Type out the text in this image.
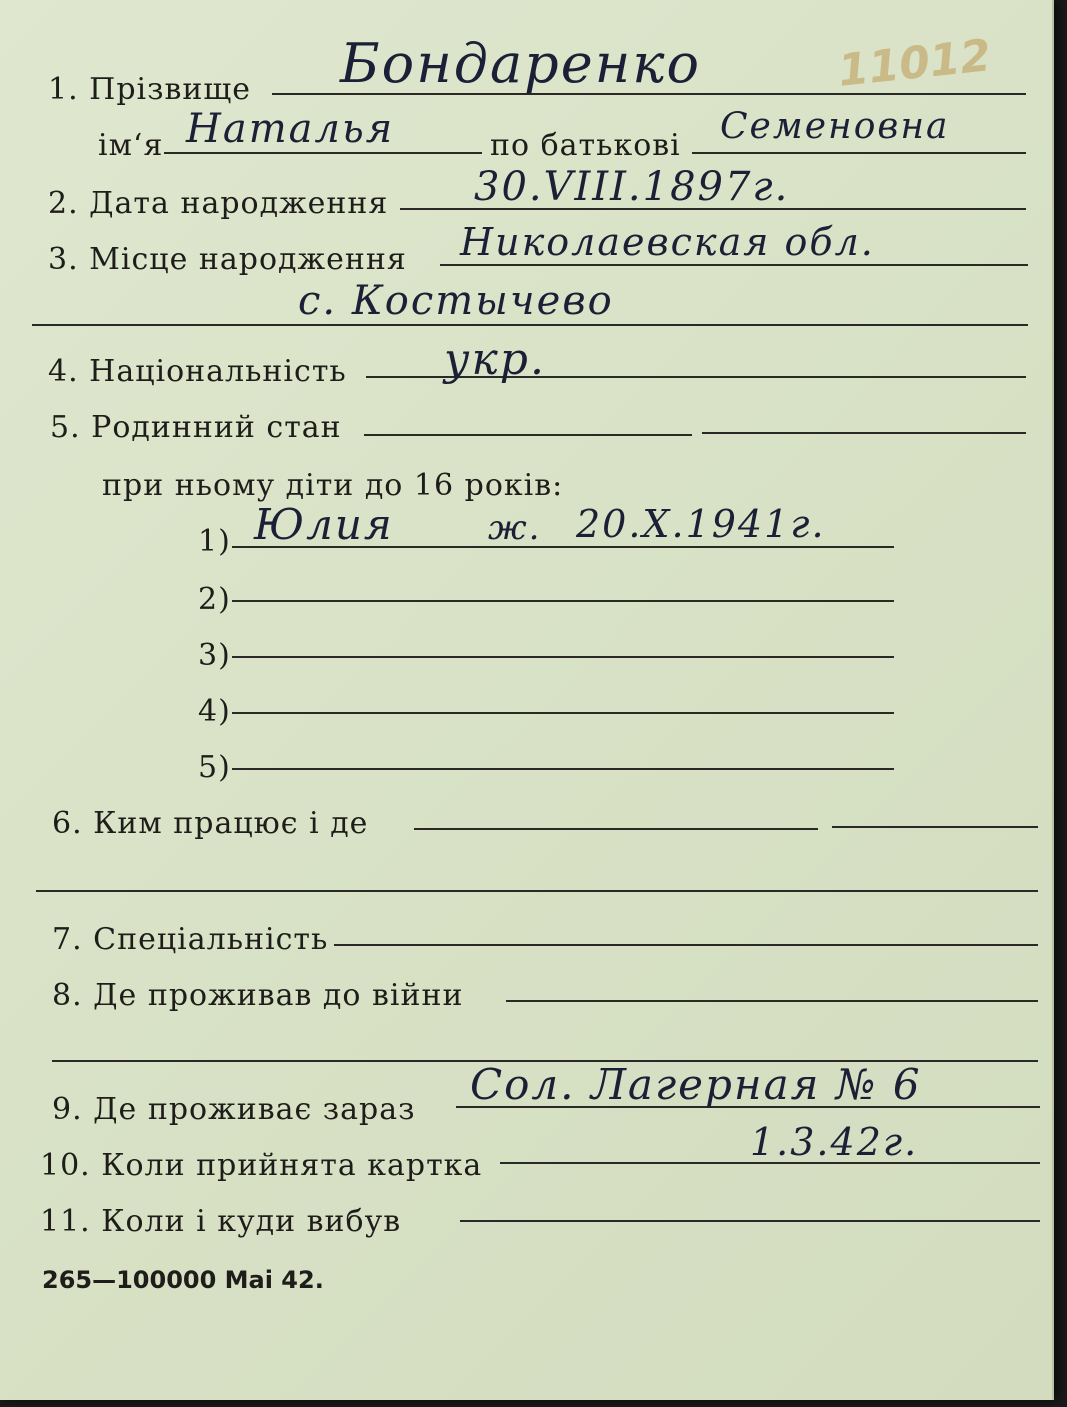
11012
1. Прізвище Бондаренко
ім‘я Наталья	по батькові Семеновна
2. Дата народження 30.VIII.1897г.
3. Місце народження Николаевская обл.
с. Костычево
4. Національність укр.
5. Родинний стан
при ньому діти до 16 років:
1) Юлия	ж. 20.X.1941г.
2)
3)
4)
5)
6. Ким працює і де
7. Спеціальність
8. Де проживав до війни
9. Де проживає зараз
Сол. Лагерная № 6
10. Коли прийнята картка
1.3.42г.
11. Коли і куди вибув
265—100000 Mai 42.
